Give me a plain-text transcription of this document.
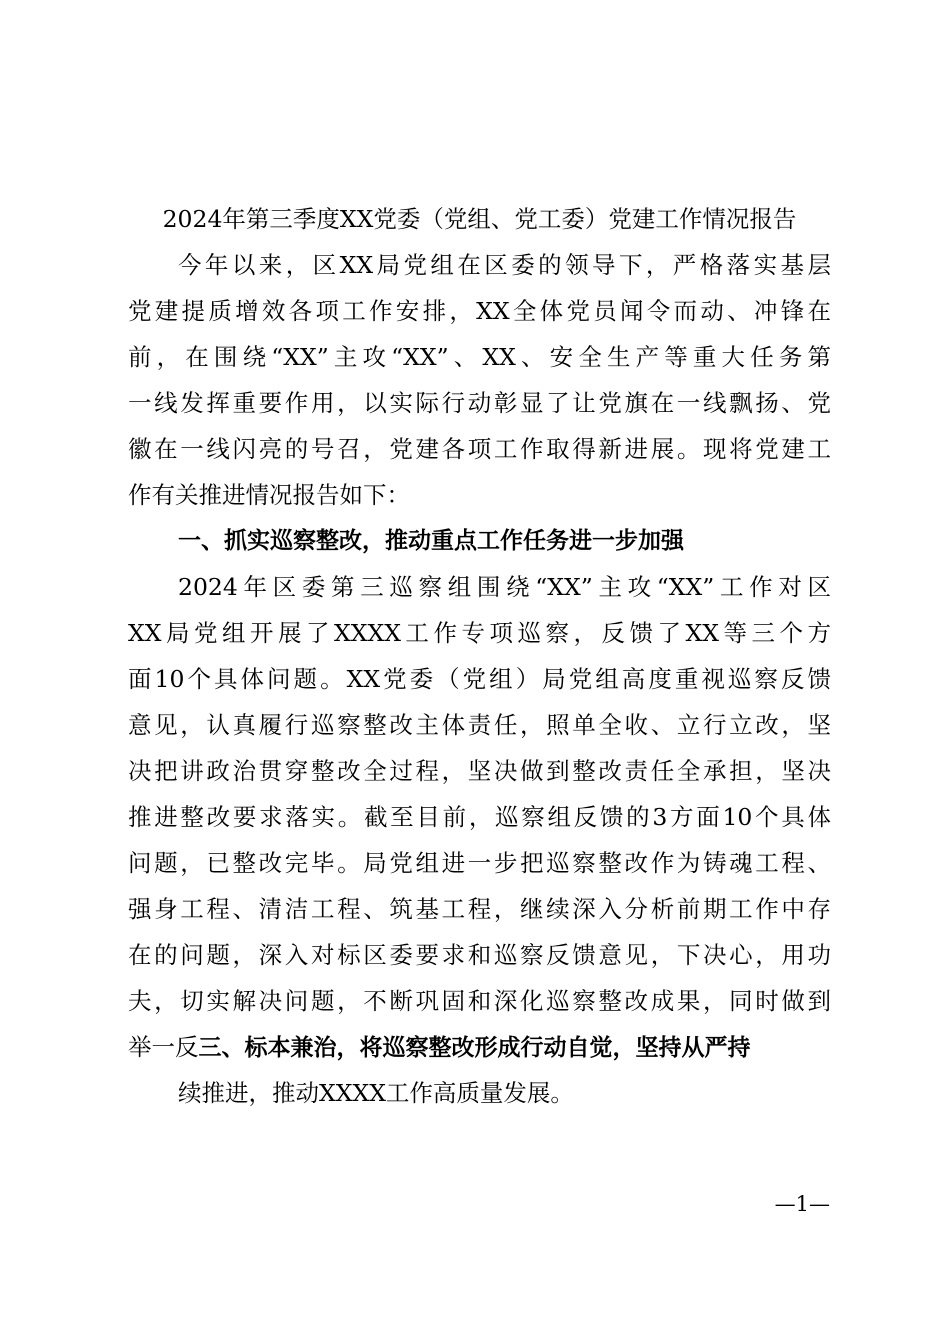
2024年第三季度XX党委（党组、党工委）党建工作情况报告
今年以来，区XX局党组在区委的领导下，严格落实基层
党建提质增效各项工作安排，XX全体党员闻令而动、冲锋在
前，在围绕“XX”主攻“XX”、XX、安全生产等重大任务第
一线发挥重要作用，以实际行动彰显了让党旗在一线飘扬、党
徽在一线闪亮的号召，党建各项工作取得新进展。现将党建工
作有关推进情况报告如下：
一、抓实巡察整改，推动重点工作任务进一步加强
2024年区委第三巡察组围绕“XX”主攻“XX”工作对区
XX局党组开展了XXXX工作专项巡察，反馈了XX等三个方
面10个具体问题。XX党委（党组）局党组高度重视巡察反馈
意见，认真履行巡察整改主体责任，照单全收、立行立改，坚
决把讲政治贯穿整改全过程，坚决做到整改责任全承担，坚决
推进整改要求落实。截至目前，巡察组反馈的3方面10个具体
问题，已整改完毕。局党组进一步把巡察整改作为铸魂工程、
强身工程、清洁工程、筑基工程，继续深入分析前期工作中存
在的问题，深入对标区委要求和巡察反馈意见，下决心，用功
夫，切实解决问题，不断巩固和深化巡察整改成果，同时做到
举一反三、标本兼治，将巡察整改形成行动自觉，坚持从严持
续推进，推动XXXX工作高质量发展。
—1—
